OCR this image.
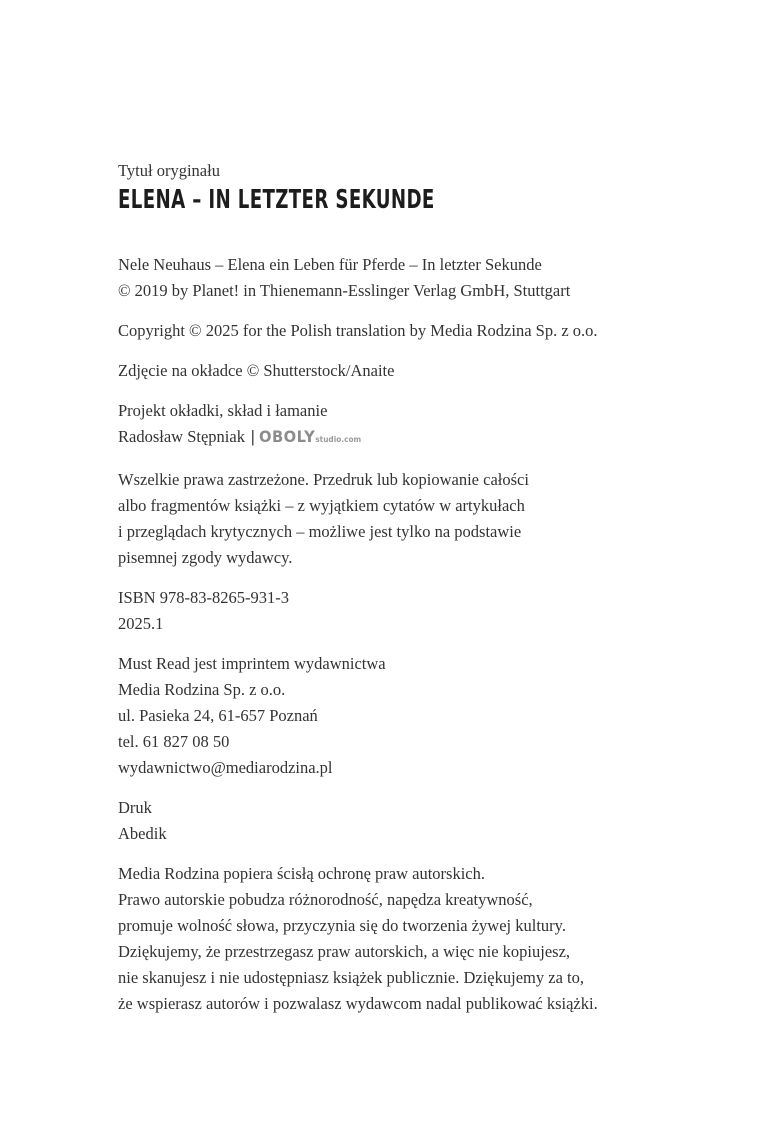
Tytuł oryginału
ELENA – IN LETZTER SEKUNDE
Nele Neuhaus – Elena ein Leben für Pferde – In letzter Sekunde
© 2019 by Planet! in Thienemann-Esslinger Verlag GmbH, Stuttgart
Copyright © 2025 for the Polish translation by Media Rodzina Sp. z o.o.
Zdjęcie na okładce © Shutterstock/Anaite
Projekt okładki, skład i łamanie
Radosław Stępniak | OBOLYstudio.com
Wszelkie prawa zastrzeżone. Przedruk lub kopiowanie całości
albo fragmentów książki – z wyjątkiem cytatów w artykułach
i przeglądach krytycznych – możliwe jest tylko na podstawie
pisemnej zgody wydawcy.
ISBN 978-83-8265-931-3
2025.1
Must Read jest imprintem wydawnictwa
Media Rodzina Sp. z o.o.
ul. Pasieka 24, 61-657 Poznań
tel. 61 827 08 50
wydawnictwo@mediarodzina.pl
Druk
Abedik
Media Rodzina popiera ścisłą ochronę praw autorskich.
Prawo autorskie pobudza różnorodność, napędza kreatywność,
promuje wolność słowa, przyczynia się do tworzenia żywej kultury.
Dziękujemy, że przestrzegasz praw autorskich, a więc nie kopiujesz,
nie skanujesz i nie udostępniasz książek publicznie. Dziękujemy za to,
że wspierasz autorów i pozwalasz wydawcom nadal publikować książki.
